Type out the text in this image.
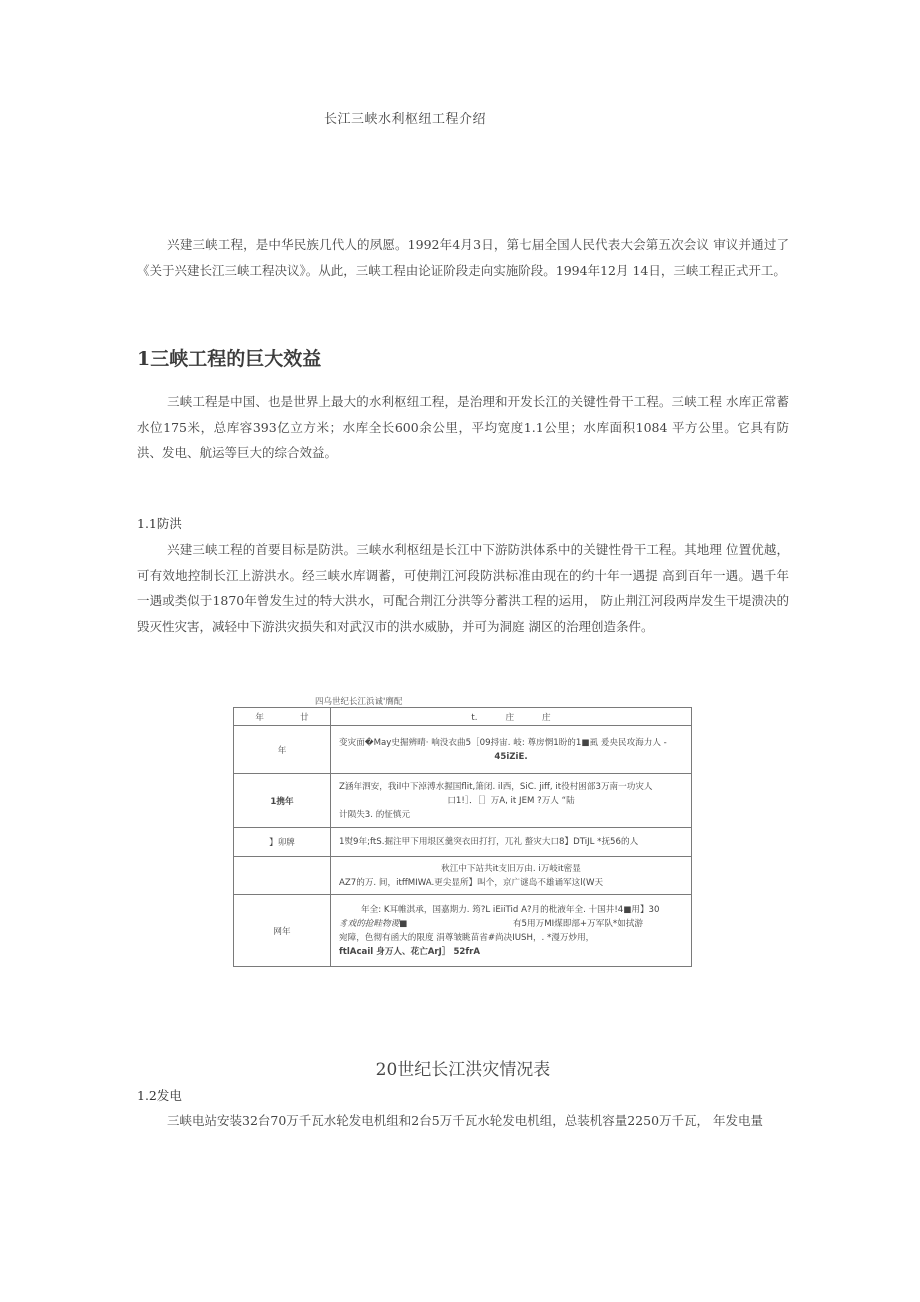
长江三峡水利枢纽工程介绍

兴建三峡工程，是中华民族几代人的夙愿。1992年4月3日，第七届全国人民代表大会第五次会议 审议并通过了《关于兴建长江三峡工程决议》。从此，三峡工程由论证阶段走向实施阶段。1994年12月 14日，三峡工程正式开工。

1三峡工程的巨大效益

三峡工程是中国、也是世界上最大的水利枢纽工程，是治理和开发长江的关键性骨干工程。三峡工程 水库正常蓄水位175米，总库容393亿立方米；水库全长600余公里，平均宽度1.1公里；水库面积1084 平方公里。它具有防洪、发电、航运等巨大的综合效益。

1.1防洪

兴建三峡工程的首要目标是防洪。三峡水利枢纽是长江中下游防洪体系中的关键性骨干工程。其地理 位置优越，可有效地控制长江上游洪水。经三峡水库调蓄，可使荆江河段防洪标准由现在的约十年一遇提 高到百年一遇。遇千年一遇或类似于1870年曾发生过的特大洪水，可配合荆江分洪等分蓄洪工程的运用， 防止荆江河段两岸发生干堤溃决的毁灭性灾害，减轻中下游洪灾损失和对武汉市的洪水威胁，并可为洞庭 湖区的治理创造条件。

四乌世纪长江浜诚'膺配
年 廿	t. 庄 庄
年	变灾面�May史掘辨晴· 响没衣曲5［09捋宙. 岐: 尊房惘1盼的1■虱 爰央民攻海力人 -
45iZiE.

1携年	Z涵年泗安，我il中下淖溥水握国flit,箫闭. il西，SiC. jiff, it役村困部3万南一功灾人
口1!］．［］万A, it JEM ?万人 “陆
计陨失3. 的怔慎元

】卯牌	1熨9年;ftS.掘注甲下用垠区羹突衣田打打，兀礼 螯灾大口8】DTiJL *抚56的人

	秋江中下站共it支旧万由. i万岐it密显
AZ7的万. 间，itffMIWA.更尖显所】叫个，京广谜岛不雄诵军这l(W天

网年	年全: K耳帷淇承，国嘉期力. 筠?L iEiiTid A?月的枇液年全. 十国井!4■用】30
豸戏的抢畦物谡■ 有5用万MI煤即部+万军队*如拭游
宛障，色彻有函大的限度 涓尊皱眺苗省#尚决IUSH，. *漫万炒用，
ftlAcail 身万人、花亡ArJ］ 52frA
20世纪长江洪灾情况表
1.2发电

三峡电站安装32台70万千瓦水轮发电机组和2台5万千瓦水轮发电机组，总装机容量2250万千瓦， 年发电量
